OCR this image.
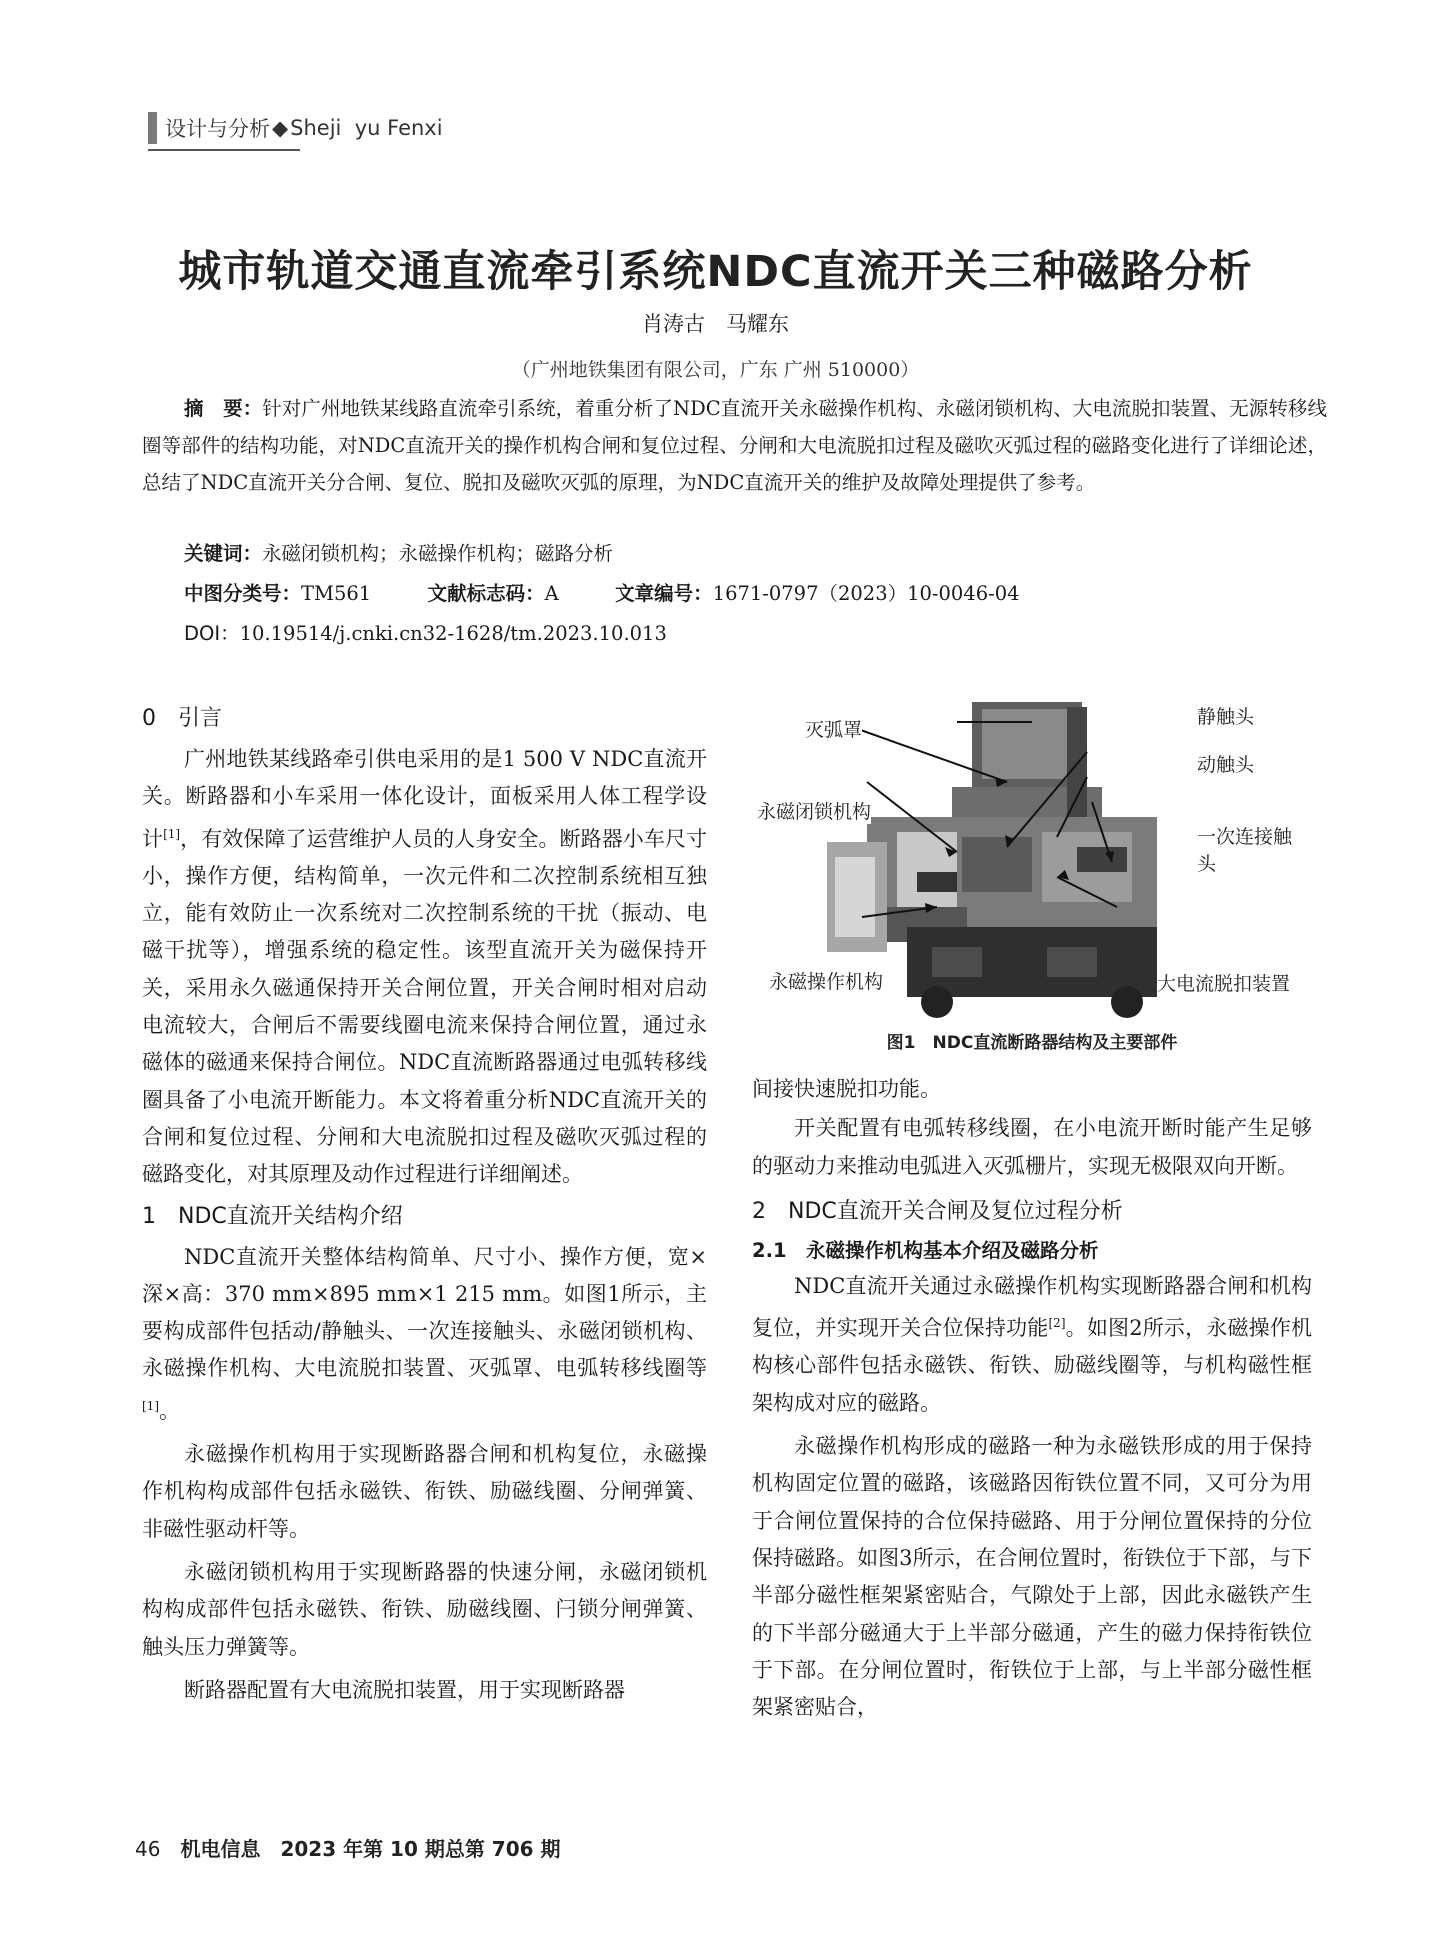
设计与分析 ◆ Sheji  yu Fenxi
城市轨道交通直流牵引系统NDC直流开关三种磁路分析
肖涛古　马耀东
（广州地铁集团有限公司，广东 广州 510000）
摘　要：针对广州地铁某线路直流牵引系统，着重分析了NDC直流开关永磁操作机构、永磁闭锁机构、大电流脱扣装置、无源转移线圈等部件的结构功能，对NDC直流开关的操作机构合闸和复位过程、分闸和大电流脱扣过程及磁吹灭弧过程的磁路变化进行了详细论述，总结了NDC直流开关分合闸、复位、脱扣及磁吹灭弧的原理，为NDC直流开关的维护及故障处理提供了参考。
关键词：永磁闭锁机构；永磁操作机构；磁路分析
中图分类号：TM561	文献标志码：A	文章编号：1671-0797（2023）10-0046-04
DOI：10.19514/j.cnki.cn32-1628/tm.2023.10.013
0　引言

广州地铁某线路牵引供电采用的是1 500 V NDC直流开关。断路器和小车采用一体化设计，面板采用人体工程学设计[1]，有效保障了运营维护人员的人身安全。断路器小车尺寸小，操作方便，结构简单，一次元件和二次控制系统相互独立，能有效防止一次系统对二次控制系统的干扰（振动、电磁干扰等），增强系统的稳定性。该型直流开关为磁保持开关，采用永久磁通保持开关合闸位置，开关合闸时相对启动电流较大，合闸后不需要线圈电流来保持合闸位置，通过永磁体的磁通来保持合闸位。NDC直流断路器通过电弧转移线圈具备了小电流开断能力。本文将着重分析NDC直流开关的合闸和复位过程、分闸和大电流脱扣过程及磁吹灭弧过程的磁路变化，对其原理及动作过程进行详细阐述。

1　NDC直流开关结构介绍

NDC直流开关整体结构简单、尺寸小、操作方便，宽×深×高：370 mm×895 mm×1 215 mm。如图1所示，主要构成部件包括动/静触头、一次连接触头、永磁闭锁机构、永磁操作机构、大电流脱扣装置、灭弧罩、电弧转移线圈等[1]。

永磁操作机构用于实现断路器合闸和机构复位，永磁操作机构构成部件包括永磁铁、衔铁、励磁线圈、分闸弹簧、非磁性驱动杆等。

永磁闭锁机构用于实现断路器的快速分闸，永磁闭锁机构构成部件包括永磁铁、衔铁、励磁线圈、闩锁分闸弹簧、触头压力弹簧等。

断路器配置有大电流脱扣装置，用于实现断路器

灭弧罩
静触头
动触头
永磁闭锁机构
一次连接触头
永磁操作机构	大电流脱扣装置
图1　NDC直流断路器结构及主要部件

间接快速脱扣功能。

开关配置有电弧转移线圈，在小电流开断时能产生足够的驱动力来推动电弧进入灭弧栅片，实现无极限双向开断。

2　NDC直流开关合闸及复位过程分析
2.1　永磁操作机构基本介绍及磁路分析

NDC直流开关通过永磁操作机构实现断路器合闸和机构复位，并实现开关合位保持功能[2]。如图2所示，永磁操作机构核心部件包括永磁铁、衔铁、励磁线圈等，与机构磁性框架构成对应的磁路。

永磁操作机构形成的磁路一种为永磁铁形成的用于保持机构固定位置的磁路，该磁路因衔铁位置不同，又可分为用于合闸位置保持的合位保持磁路、用于分闸位置保持的分位保持磁路。如图3所示，在合闸位置时，衔铁位于下部，与下半部分磁性框架紧密贴合，气隙处于上部，因此永磁铁产生的下半部分磁通大于上半部分磁通，产生的磁力保持衔铁位于下部。在分闸位置时，衔铁位于上部，与上半部分磁性框架紧密贴合，

46 机电信息　2023 年第 10 期总第 706 期
